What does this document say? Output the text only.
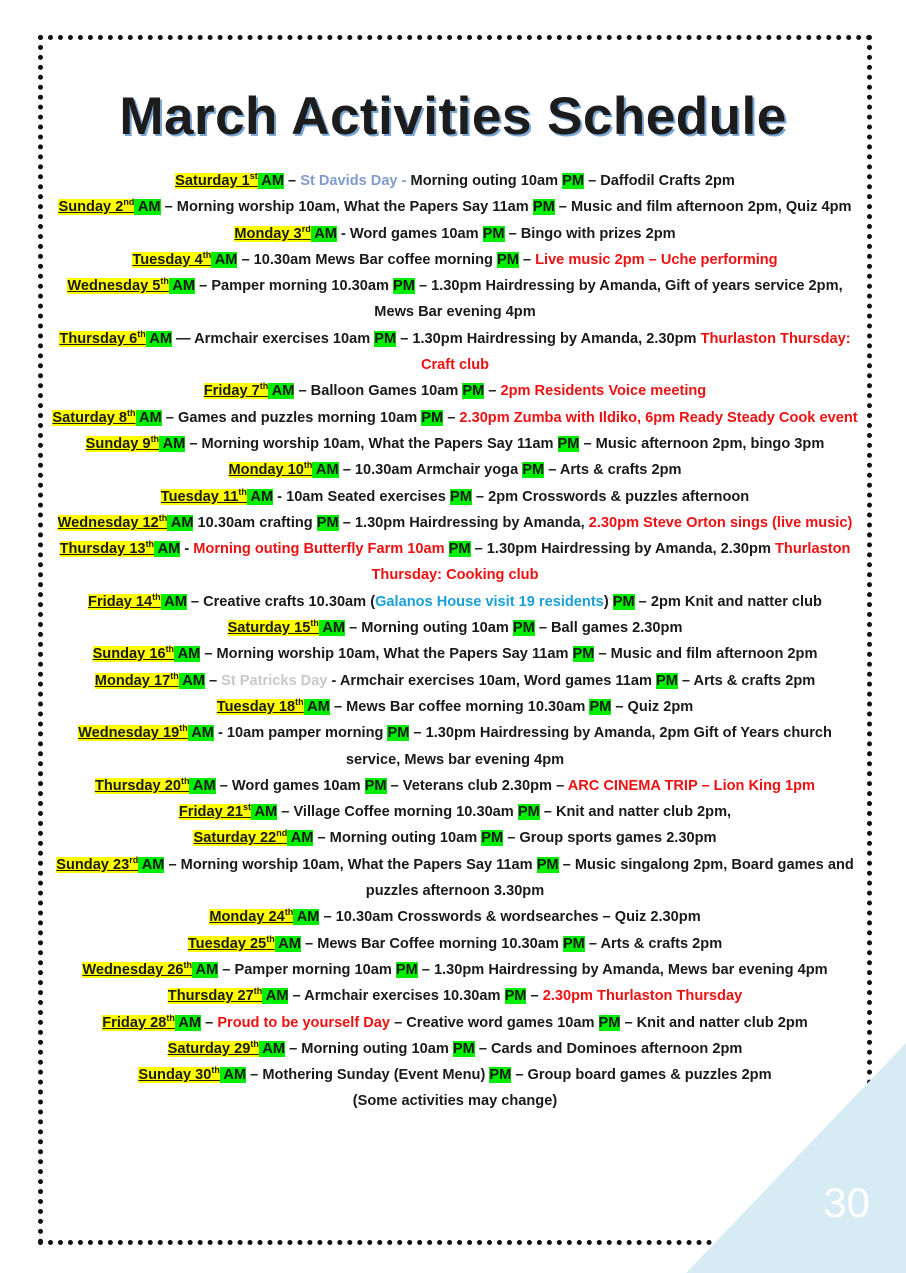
30
March Activities Schedule
Saturday 1st AM – St Davids Day - Morning outing 10am PM – Daffodil Crafts 2pm
Sunday 2nd AM – Morning worship 10am, What the Papers Say 11am PM – Music and film afternoon 2pm, Quiz 4pm
Monday 3rd AM - Word games 10am PM – Bingo with prizes 2pm
Tuesday 4th AM – 10.30am Mews Bar coffee morning PM – Live music 2pm – Uche performing
Wednesday 5th AM – Pamper morning 10.30am PM – 1.30pm Hairdressing by Amanda, Gift of years service 2pm, Mews Bar evening 4pm
Thursday 6th AM — Armchair exercises 10am PM – 1.30pm Hairdressing by Amanda, 2.30pm Thurlaston Thursday: Craft club
Friday 7th AM – Balloon Games 10am PM – 2pm Residents Voice meeting
Saturday 8th AM – Games and puzzles morning 10am PM – 2.30pm Zumba with Ildiko, 6pm Ready Steady Cook event
Sunday 9th AM – Morning worship 10am, What the Papers Say 11am PM – Music afternoon 2pm, bingo 3pm
Monday 10th AM – 10.30am Armchair yoga PM – Arts & crafts 2pm
Tuesday 11th AM - 10am Seated exercises PM – 2pm Crosswords & puzzles afternoon
Wednesday 12th AM 10.30am crafting PM – 1.30pm Hairdressing by Amanda, 2.30pm Steve Orton sings (live music)
Thursday 13th AM - Morning outing Butterfly Farm 10am PM – 1.30pm Hairdressing by Amanda, 2.30pm Thurlaston Thursday: Cooking club
Friday 14th AM – Creative crafts 10.30am (Galanos House visit 19 residents) PM – 2pm Knit and natter club
Saturday 15th AM – Morning outing 10am PM – Ball games 2.30pm
Sunday 16th AM – Morning worship 10am, What the Papers Say 11am PM – Music and film afternoon 2pm
Monday 17th AM – St Patricks Day - Armchair exercises 10am, Word games 11am PM – Arts & crafts 2pm
Tuesday 18th AM – Mews Bar coffee morning 10.30am PM – Quiz 2pm
Wednesday 19th AM - 10am pamper morning PM – 1.30pm Hairdressing by Amanda, 2pm Gift of Years church service, Mews bar evening 4pm
Thursday 20th AM – Word games 10am PM – Veterans club 2.30pm – ARC CINEMA TRIP – Lion King 1pm
Friday 21st AM – Village Coffee morning 10.30am PM – Knit and natter club 2pm,
Saturday 22nd AM – Morning outing 10am PM – Group sports games 2.30pm
Sunday 23rd AM – Morning worship 10am, What the Papers Say 11am PM – Music singalong 2pm, Board games and puzzles afternoon 3.30pm
Monday 24th AM – 10.30am Crosswords & wordsearches – Quiz 2.30pm
Tuesday 25th AM – Mews Bar Coffee morning 10.30am PM – Arts & crafts 2pm
Wednesday 26th AM – Pamper morning 10am PM – 1.30pm Hairdressing by Amanda, Mews bar evening 4pm
Thursday 27th AM – Armchair exercises 10.30am PM – 2.30pm Thurlaston Thursday
Friday 28th AM – Proud to be yourself Day – Creative word games 10am PM – Knit and natter club 2pm
Saturday 29th AM – Morning outing 10am PM – Cards and Dominoes afternoon 2pm
Sunday 30th AM – Mothering Sunday (Event Menu) PM – Group board games & puzzles 2pm
(Some activities may change)
